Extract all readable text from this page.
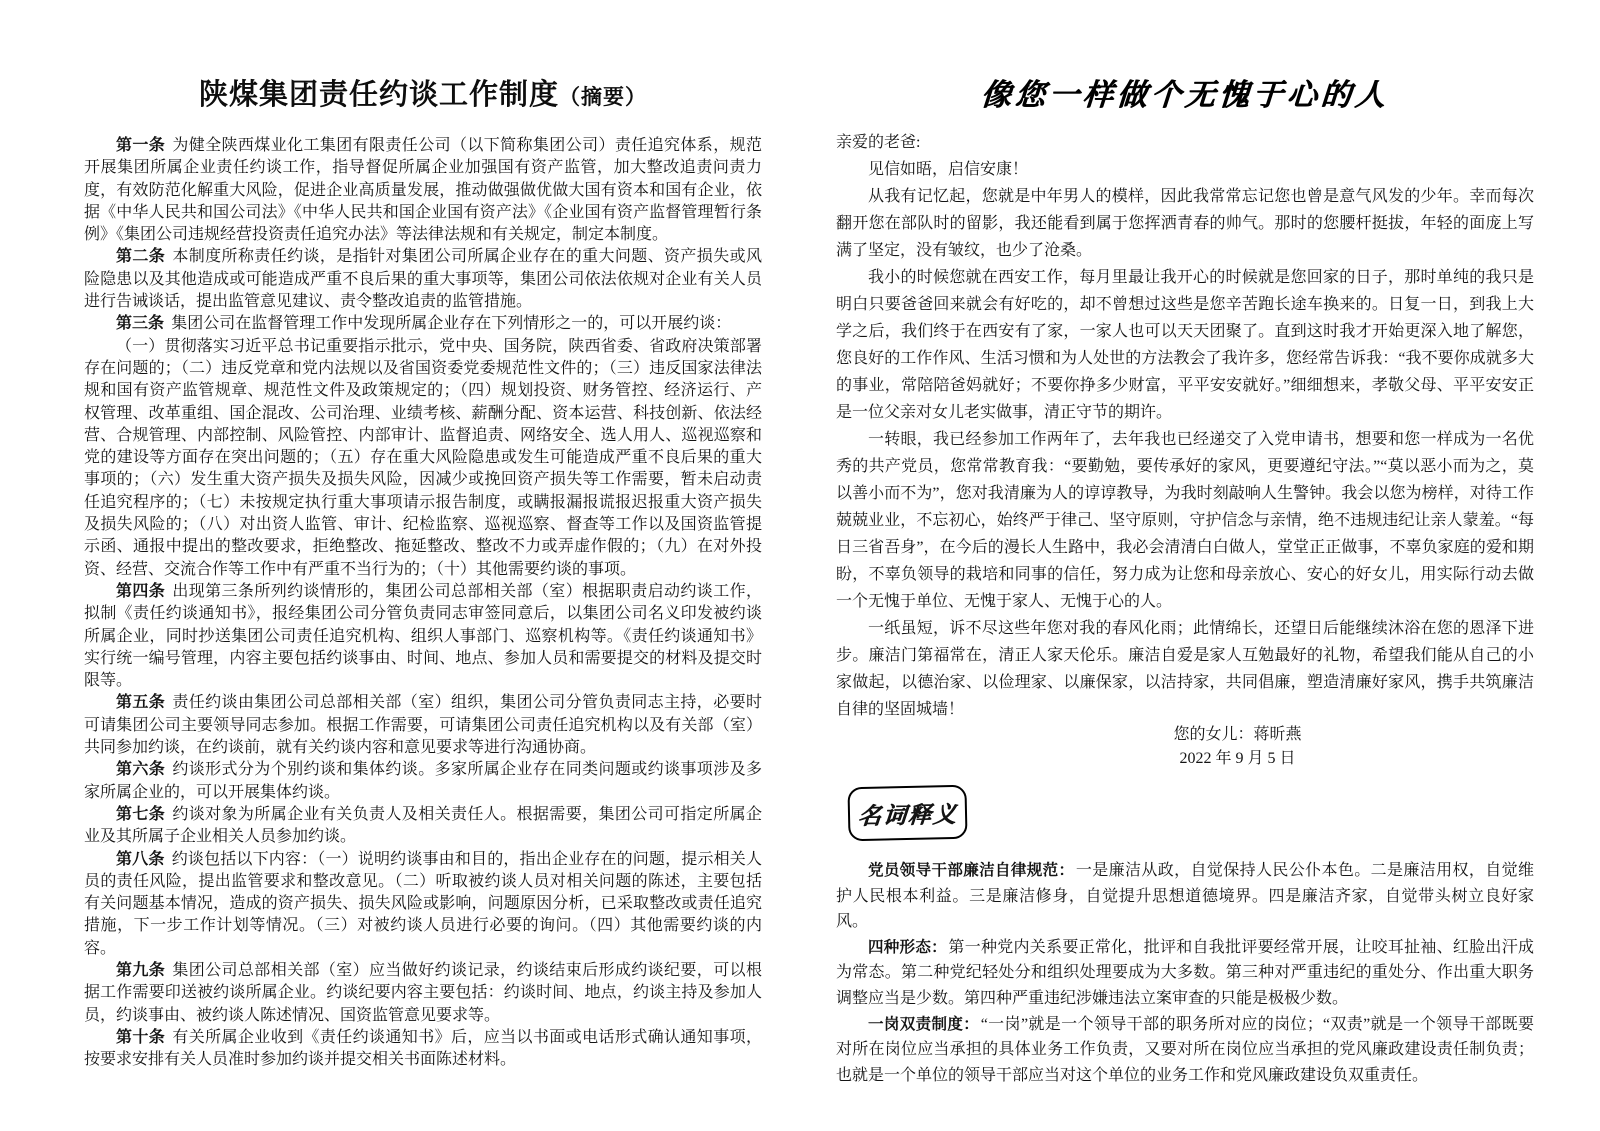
陕煤集团责任约谈工作制度（摘要）

第一条 为健全陕西煤业化工集团有限责任公司（以下简称集团公司）责任追究体系，规范开展集团所属企业责任约谈工作，指导督促所属企业加强国有资产监管，加大整改追责问责力度，有效防范化解重大风险，促进企业高质量发展，推动做强做优做大国有资本和国有企业，依据《中华人民共和国公司法》《中华人民共和国企业国有资产法》《企业国有资产监督管理暂行条例》《集团公司违规经营投资责任追究办法》等法律法规和有关规定，制定本制度。

第二条 本制度所称责任约谈，是指针对集团公司所属企业存在的重大问题、资产损失或风险隐患以及其他造成或可能造成严重不良后果的重大事项等，集团公司依法依规对企业有关人员进行告诫谈话，提出监管意见建议、责令整改追责的监管措施。

第三条 集团公司在监督管理工作中发现所属企业存在下列情形之一的，可以开展约谈：

（一）贯彻落实习近平总书记重要指示批示，党中央、国务院，陕西省委、省政府决策部署存在问题的；（二）违反党章和党内法规以及省国资委党委规范性文件的；（三）违反国家法律法规和国有资产监管规章、规范性文件及政策规定的；（四）规划投资、财务管控、经济运行、产权管理、改革重组、国企混改、公司治理、业绩考核、薪酬分配、资本运营、科技创新、依法经营、合规管理、内部控制、风险管控、内部审计、监督追责、网络安全、选人用人、巡视巡察和党的建设等方面存在突出问题的；（五）存在重大风险隐患或发生可能造成严重不良后果的重大事项的；（六）发生重大资产损失及损失风险，因减少或挽回资产损失等工作需要，暂未启动责任追究程序的；（七）未按规定执行重大事项请示报告制度，或瞒报漏报谎报迟报重大资产损失及损失风险的；（八）对出资人监管、审计、纪检监察、巡视巡察、督查等工作以及国资监管提示函、通报中提出的整改要求，拒绝整改、拖延整改、整改不力或弄虚作假的；（九）在对外投资、经营、交流合作等工作中有严重不当行为的；（十）其他需要约谈的事项。

第四条 出现第三条所列约谈情形的，集团公司总部相关部（室）根据职责启动约谈工作，拟制《责任约谈通知书》，报经集团公司分管负责同志审签同意后，以集团公司名义印发被约谈所属企业，同时抄送集团公司责任追究机构、组织人事部门、巡察机构等。《责任约谈通知书》实行统一编号管理，内容主要包括约谈事由、时间、地点、参加人员和需要提交的材料及提交时限等。

第五条 责任约谈由集团公司总部相关部（室）组织，集团公司分管负责同志主持，必要时可请集团公司主要领导同志参加。根据工作需要，可请集团公司责任追究机构以及有关部（室）共同参加约谈，在约谈前，就有关约谈内容和意见要求等进行沟通协商。

第六条 约谈形式分为个别约谈和集体约谈。多家所属企业存在同类问题或约谈事项涉及多家所属企业的，可以开展集体约谈。

第七条 约谈对象为所属企业有关负责人及相关责任人。根据需要，集团公司可指定所属企业及其所属子企业相关人员参加约谈。

第八条 约谈包括以下内容：（一）说明约谈事由和目的，指出企业存在的问题，提示相关人员的责任风险，提出监管要求和整改意见。（二）听取被约谈人员对相关问题的陈述，主要包括有关问题基本情况，造成的资产损失、损失风险或影响，问题原因分析，已采取整改或责任追究措施，下一步工作计划等情况。（三）对被约谈人员进行必要的询问。（四）其他需要约谈的内容。

第九条 集团公司总部相关部（室）应当做好约谈记录，约谈结束后形成约谈纪要，可以根据工作需要印送被约谈所属企业。约谈纪要内容主要包括：约谈时间、地点，约谈主持及参加人员，约谈事由、被约谈人陈述情况、国资监管意见要求等。

第十条 有关所属企业收到《责任约谈通知书》后，应当以书面或电话形式确认通知事项，按要求安排有关人员准时参加约谈并提交相关书面陈述材料。

像您一样做个无愧于心的人

亲爱的老爸:

见信如晤，启信安康！

从我有记忆起，您就是中年男人的模样，因此我常常忘记您也曾是意气风发的少年。幸而每次翻开您在部队时的留影，我还能看到属于您挥洒青春的帅气。那时的您腰杆挺拔，年轻的面庞上写满了坚定，没有皱纹，也少了沧桑。

我小的时候您就在西安工作，每月里最让我开心的时候就是您回家的日子，那时单纯的我只是明白只要爸爸回来就会有好吃的，却不曾想过这些是您辛苦跑长途车换来的。日复一日，到我上大学之后，我们终于在西安有了家，一家人也可以天天团聚了。直到这时我才开始更深入地了解您，您良好的工作作风、生活习惯和为人处世的方法教会了我许多，您经常告诉我：“我不要你成就多大的事业，常陪陪爸妈就好；不要你挣多少财富，平平安安就好。”细细想来，孝敬父母、平平安安正是一位父亲对女儿老实做事，清正守节的期许。

一转眼，我已经参加工作两年了，去年我也已经递交了入党申请书，想要和您一样成为一名优秀的共产党员，您常常教育我：“要勤勉，要传承好的家风，更要遵纪守法。”“莫以恶小而为之，莫以善小而不为”，您对我清廉为人的谆谆教导，为我时刻敲响人生警钟。我会以您为榜样，对待工作兢兢业业，不忘初心，始终严于律己、坚守原则，守护信念与亲情，绝不违规违纪让亲人蒙羞。“每日三省吾身”，在今后的漫长人生路中，我必会清清白白做人，堂堂正正做事，不辜负家庭的爱和期盼，不辜负领导的栽培和同事的信任，努力成为让您和母亲放心、安心的好女儿，用实际行动去做一个无愧于单位、无愧于家人、无愧于心的人。

一纸虽短，诉不尽这些年您对我的春风化雨；此情绵长，还望日后能继续沐浴在您的恩泽下进步。廉洁门第福常在，清正人家天伦乐。廉洁自爱是家人互勉最好的礼物，希望我们能从自己的小家做起，以德治家、以俭理家、以廉保家，以洁持家，共同倡廉，塑造清廉好家风，携手共筑廉洁自律的坚固城墙！

您的女儿：蒋昕燕

2022 年 9 月 5 日

名词释义

党员领导干部廉洁自律规范：一是廉洁从政，自觉保持人民公仆本色。二是廉洁用权，自觉维护人民根本利益。三是廉洁修身，自觉提升思想道德境界。四是廉洁齐家，自觉带头树立良好家风。

四种形态：第一种党内关系要正常化，批评和自我批评要经常开展，让咬耳扯袖、红脸出汗成为常态。第二种党纪轻处分和组织处理要成为大多数。第三种对严重违纪的重处分、作出重大职务调整应当是少数。第四种严重违纪涉嫌违法立案审查的只能是极极少数。

一岗双责制度：“一岗”就是一个领导干部的职务所对应的岗位；“双责”就是一个领导干部既要对所在岗位应当承担的具体业务工作负责，又要对所在岗位应当承担的党风廉政建设责任制负责；也就是一个单位的领导干部应当对这个单位的业务工作和党风廉政建设负双重责任。
